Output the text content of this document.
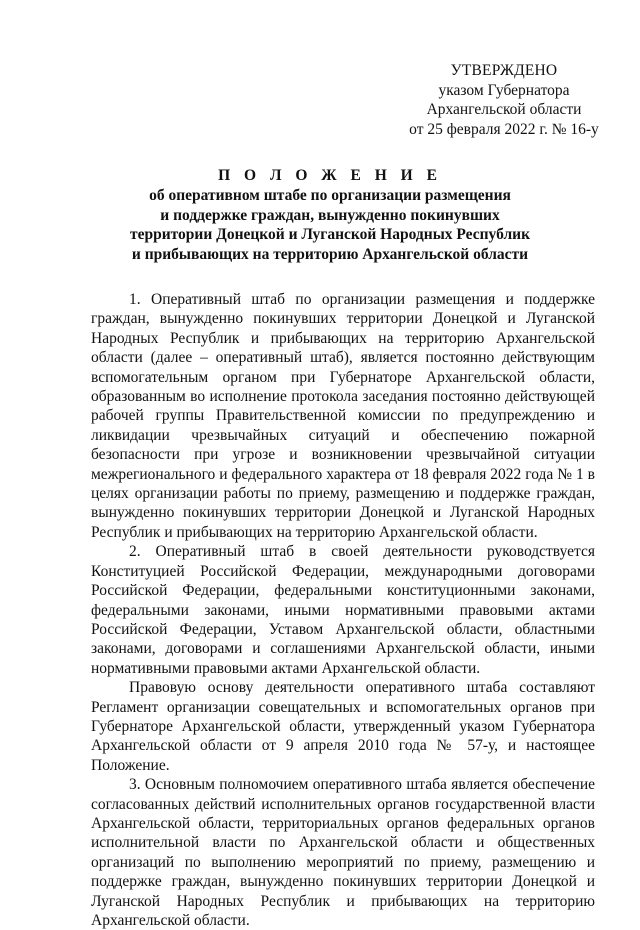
УТВЕРЖДЕНО
указом Губернатора
Архангельской области
от 25 февраля 2022 г. № 16-у
П О Л О Ж Е Н И Е
об оперативном штабе по организации размещения
и поддержке граждан, вынужденно покинувших
территории Донецкой и Луганской Народных Республик
и прибывающих на территорию Архангельской области

1. Оперативный штаб по организации размещения и поддержке граждан, вынужденно покинувших территории Донецкой и Луганской Народных Республик и прибывающих на территорию Архангельской области (далее – оперативный штаб), является постоянно действующим вспомогательным органом при Губернаторе Архангельской области, образованным во исполнение протокола заседания постоянно действующей рабочей группы Правительственной комиссии по предупреждению и ликвидации чрезвычайных ситуаций и обеспечению пожарной безопасности при угрозе и возникновении чрезвычайной ситуации межрегионального и федерального характера от 18 февраля 2022 года № 1 в целях организации работы по приему, размещению и поддержке граждан, вынужденно покинувших территории Донецкой и Луганской Народных Республик и прибывающих на территорию Архангельской области.

2. Оперативный штаб в своей деятельности руководствуется Конституцией Российской Федерации, международными договорами Российской Федерации, федеральными конституционными законами, федеральными законами, иными нормативными правовыми актами Российской Федерации, Уставом Архангельской области, областными законами, договорами и соглашениями Архангельской области, иными нормативными правовыми актами Архангельской области.

Правовую основу деятельности оперативного штаба составляют Регламент организации совещательных и вспомогательных органов при Губернаторе Архангельской области, утвержденный указом Губернатора Архангельской области от 9 апреля 2010 года № 57-у, и настоящее Положение.

3. Основным полномочием оперативного штаба является обеспечение согласованных действий исполнительных органов государственной власти Архангельской области, территориальных органов федеральных органов исполнительной власти по Архангельской области и общественных организаций по выполнению мероприятий по приему, размещению и поддержке граждан, вынужденно покинувших территории Донецкой и Луганской Народных Республик и прибывающих на территорию Архангельской области.
